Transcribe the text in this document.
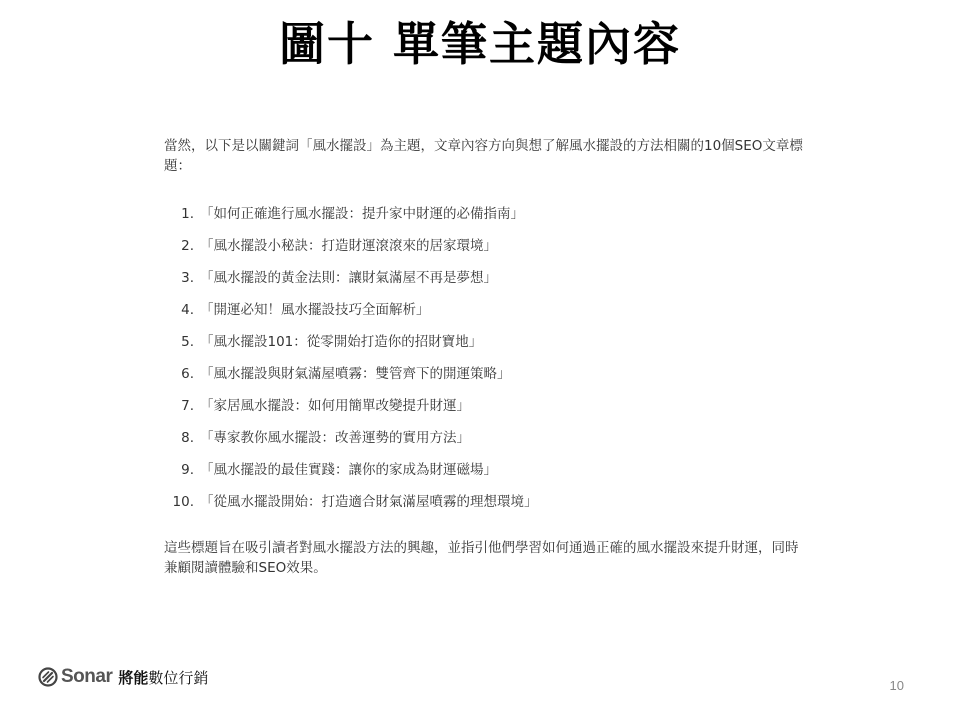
圖十 單筆主題內容
當然，以下是以關鍵詞「風水擺設」為主題，文章內容方向與想了解風水擺設的方法相關的10個SEO文章標題：
1. 「如何正確進行風水擺設：提升家中財運的必備指南」
2. 「風水擺設小秘訣：打造財運滾滾來的居家環境」
3. 「風水擺設的黃金法則：讓財氣滿屋不再是夢想」
4. 「開運必知！風水擺設技巧全面解析」
5. 「風水擺設101：從零開始打造你的招財寶地」
6. 「風水擺設與財氣滿屋噴霧：雙管齊下的開運策略」
7. 「家居風水擺設：如何用簡單改變提升財運」
8. 「專家教你風水擺設：改善運勢的實用方法」
9. 「風水擺設的最佳實踐：讓你的家成為財運磁場」
10. 「從風水擺設開始：打造適合財氣滿屋噴霧的理想環境」
這些標題旨在吸引讀者對風水擺設方法的興趣，並指引他們學習如何通過正確的風水擺設來提升財運，同時兼顧閱讀體驗和SEO效果。
Sonar 將能數位行銷	10
